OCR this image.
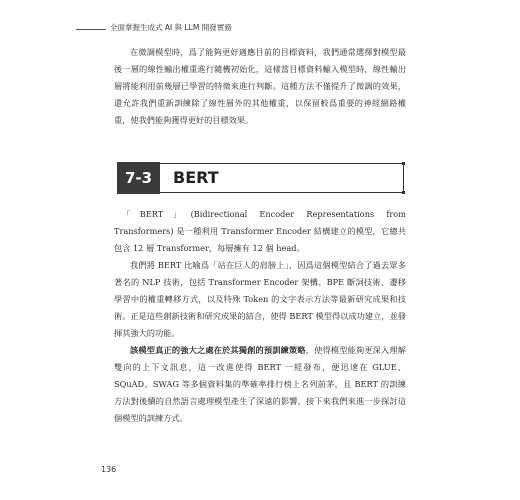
全面掌握生成式 AI 與 LLM 開發實務

在微調模型時，爲了能夠更好適應目前的目標資料，我們通常選擇對模型最後一層的線性輸出權重進行隨機初始化，這樣當目標資料輸入模型時，線性輸出層將能利用前幾層已學習的特徵來進行判斷。這種方法不僅提升了微調的效果，還允許我們重新訓練除了線性層外的其他權重，以保留較爲重要的神經網路權重，使我們能夠獲得更好的目標效果。

7-3	BERT

「BERT」(Bidirectional Encoder Representations from Transformers) 是一種利用 Transformer Encoder 結構建立的模型，它總共包含 12 層 Transformer，每層擁有 12 個 head。

我們將 BERT 比喻爲「站在巨人的肩膀上」，因爲這個模型結合了過去眾多著名的 NLP 技術，包括 Transformer Encoder 架構、BPE 斷詞技術、遷移學習中的權重轉移方式，以及特殊 Token 的文字表示方法等最新研究成果和技術。正是這些創新技術和研究成果的結合，使得 BERT 模型得以成功建立，並發揮其強大的功能。

該模型真正的強大之處在於其獨創的預訓練策略，使得模型能夠更深入理解雙向的上下文訊息，這一改進使得 BERT 一經發布，便迅速在 GLUE、SQuAD、SWAG 等多個資料集的準確率排行榜上名列前茅，且 BERT 的訓練方法對後續的自然語言處理模型產生了深遠的影響，接下來我們來進一步探討這個模型的訓練方式。

136
